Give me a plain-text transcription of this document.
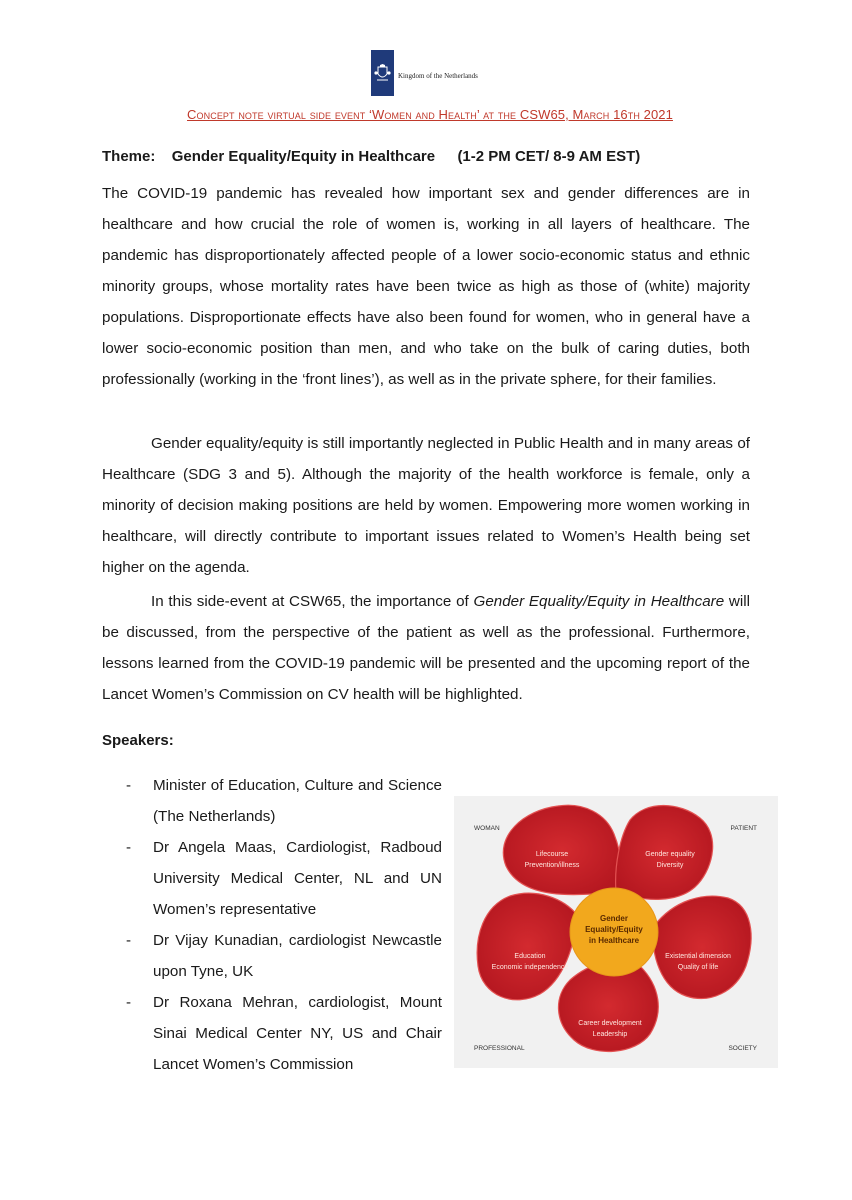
Kingdom of the Netherlands
Concept note virtual side event ‘Women and Health’ at the CSW65, March 16th 2021
Theme: Gender Equality/Equity in Healthcare (1-2 PM CET/ 8-9 AM EST)

The COVID-19 pandemic has revealed how important sex and gender differences are in healthcare and how crucial the role of women is, working in all layers of healthcare. The pandemic has disproportionately affected people of a lower socio-economic status and ethnic minority groups, whose mortality rates have been twice as high as those of (white) majority populations. Disproportionate effects have also been found for women, who in general have a lower socio-economic position than men, and who take on the bulk of caring duties, both professionally (working in the ‘front lines’), as well as in the private sphere, for their families.

Gender equality/equity is still importantly neglected in Public Health and in many areas of Healthcare (SDG 3 and 5). Although the majority of the health workforce is female, only a minority of decision making positions are held by women. Empowering more women working in healthcare, will directly contribute to important issues related to Women’s Health being set higher on the agenda.

In this side-event at CSW65, the importance of Gender Equality/Equity in Healthcare will be discussed, from the perspective of the patient as well as the professional. Furthermore, lessons learned from the COVID-19 pandemic will be presented and the upcoming report of the Lancet Women’s Commission on CV health will be highlighted.

Speakers:
- Minister of Education, Culture and Science (The Netherlands)
- Dr Angela Maas, Cardiologist, Radboud University Medical Center, NL and UN Women’s representative
- Dr Vijay Kunadian, cardiologist Newcastle upon Tyne, UK
- Dr Roxana Mehran, cardiologist, Mount Sinai Medical Center NY, US and Chair Lancet Women’s Commission
WOMAN	PATIENT
PROFESSIONAL	SOCIETY
Gender
Equality/Equity
in Healthcare
Lifecourse
Prevention/illness
Gender equality
Diversity
Existential dimension
Quality of life
Career development
Leadership
Education
Economic independence
